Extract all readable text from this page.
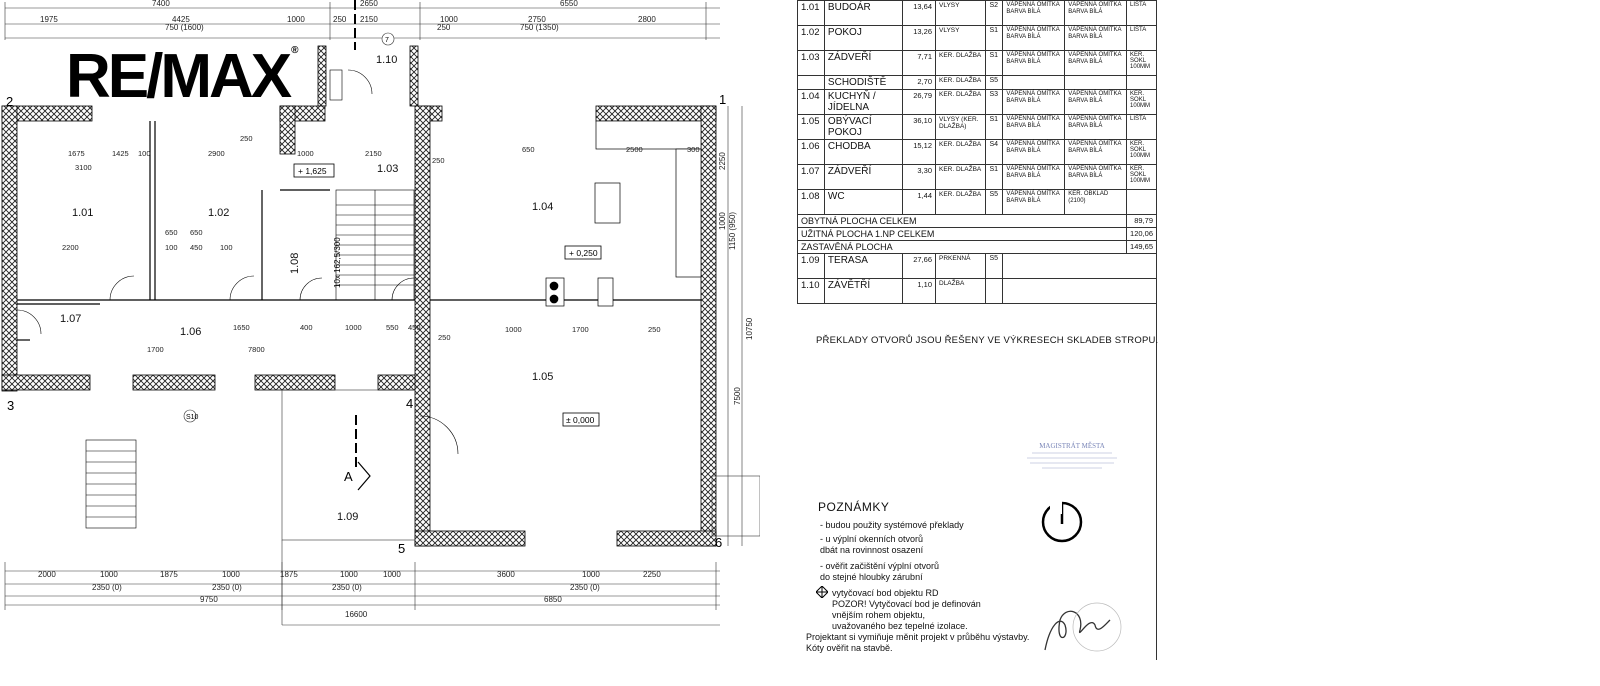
7400	2650	6550
1975	4425	1000	250 2150	1000	2750	2800
750 (1600)	250	750 (1350)
7
10x 162,5/300
2000	1000	1875	1000	1875	1000	1000	3600	1000	2250
2350 (0)	2350 (0)	2350 (0)	2350 (0)
9750	6850
16600
2250
1000 1150 (950)
10750
7500
1675	1425 100	2900
3100
2200
650 650
100 450 100
1700	7800
1650	400	1000	550 450
250
1000	1700	250
650	2500	300
1000	2150
250
250
1.01	1.02
1.03
1.04
1.05
1.06
1.07
1.08
1.09
1.10
+ 1,625
+ 0,250
± 0,000
1
2
3	4
5	6
A
S10
RE/MAX ®
1.01	BUDOÁR	13,64	VLYSY	S2	VÁPENNÁ OMÍTKA BARVA BÍLÁ	VÁPENNÁ OMÍTKA BARVA BÍLÁ	LIŠTA
1.02	POKOJ	13,26	VLYSY	S1	VÁPENNÁ OMÍTKA BARVA BÍLÁ	VÁPENNÁ OMÍTKA BARVA BÍLÁ	LIŠTA
1.03	ZÁDVEŘÍ	7,71	KER. DLAŽBA	S1	VÁPENNÁ OMÍTKA BARVA BÍLÁ	VÁPENNÁ OMÍTKA BARVA BÍLÁ	KER. SOKL 100MM
	SCHODIŠTĚ	2,70	KER. DLAŽBA	S5			
1.04	KUCHYŇ / JÍDELNA	26,79	KER. DLAŽBA	S3	VÁPENNÁ OMÍTKA BARVA BÍLÁ	VÁPENNÁ OMÍTKA BARVA BÍLÁ	KER. SOKL 100MM
1.05	OBÝVACÍ POKOJ	36,10	VLYSY (KER. DLAŽBA)	S1	VÁPENNÁ OMÍTKA BARVA BÍLÁ	VÁPENNÁ OMÍTKA BARVA BÍLÁ	LIŠTA
1.06	CHODBA	15,12	KER. DLAŽBA	S4	VÁPENNÁ OMÍTKA BARVA BÍLÁ	VÁPENNÁ OMÍTKA BARVA BÍLÁ	KER. SOKL 100MM
1.07	ZÁDVEŘÍ	3,30	KER. DLAŽBA	S1	VÁPENNÁ OMÍTKA BARVA BÍLÁ	VÁPENNÁ OMÍTKA BARVA BÍLÁ	KER. SOKL 100MM
1.08	WC	1,44	KER. DLAŽBA	S5	VÁPENNÁ OMÍTKA BARVA BÍLÁ	KER. OBKLAD (2100)	
OBYTNÁ PLOCHA CELKEM							89,79
UŽITNÁ PLOCHA 1.NP CELKEM							120,06
ZASTAVĚNÁ PLOCHA							149,65
1.09	TERASA	27,66	PRKENNÁ	S5			
1.10	ZÁVĚTŘÍ	1,10	DLAŽBA				
PŘEKLADY OTVORŮ JSOU ŘEŠENY VE VÝKRESECH SKLADEB STROPU.
POZNÁMKY
- budou použity systémové překlady
- u výplní okenních otvorů
dbát na rovinnost osazení
- ověřit začištění výplní otvorů
do stejné hloubky zárubní
vytyčovací bod objektu RD
POZOR! Vytyčovací bod je definován
vnějším rohem objektu,
uvažovaného bez tepelné izolace.
Projektant si vymiňuje měnit projekt v průběhu výstavby.
Kóty ověřit na stavbě.
MAGISTRÁT MĚSTA
